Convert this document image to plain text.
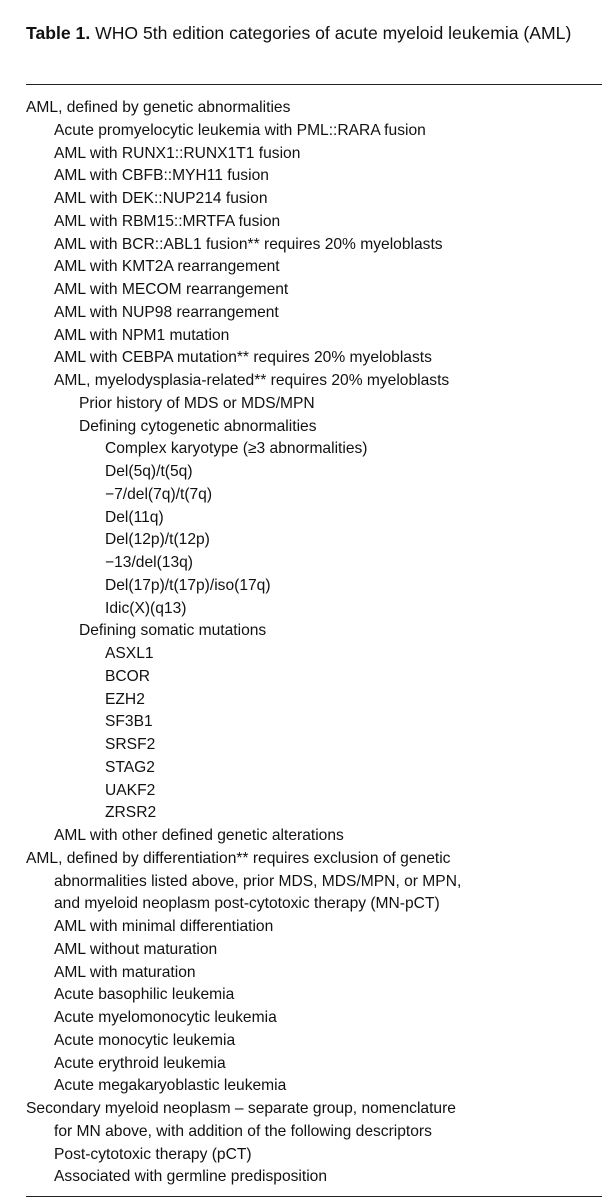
Table 1. WHO 5th edition categories of acute myeloid leukemia (AML)
AML, defined by genetic abnormalities
Acute promyelocytic leukemia with PML::RARA fusion
AML with RUNX1::RUNX1T1 fusion
AML with CBFB::MYH11 fusion
AML with DEK::NUP214 fusion
AML with RBM15::MRTFA fusion
AML with BCR::ABL1 fusion** requires 20% myeloblasts
AML with KMT2A rearrangement
AML with MECOM rearrangement
AML with NUP98 rearrangement
AML with NPM1 mutation
AML with CEBPA mutation** requires 20% myeloblasts
AML, myelodysplasia-related** requires 20% myeloblasts
Prior history of MDS or MDS/MPN
Defining cytogenetic abnormalities
Complex karyotype (≥3 abnormalities)
Del(5q)/t(5q)
−7/del(7q)/t(7q)
Del(11q)
Del(12p)/t(12p)
−13/del(13q)
Del(17p)/t(17p)/iso(17q)
Idic(X)(q13)
Defining somatic mutations
ASXL1
BCOR
EZH2
SF3B1
SRSF2
STAG2
UAKF2
ZRSR2
AML with other defined genetic alterations
AML, defined by differentiation** requires exclusion of genetic
abnormalities listed above, prior MDS, MDS/MPN, or MPN,
and myeloid neoplasm post-cytotoxic therapy (MN-pCT)
AML with minimal differentiation
AML without maturation
AML with maturation
Acute basophilic leukemia
Acute myelomonocytic leukemia
Acute monocytic leukemia
Acute erythroid leukemia
Acute megakaryoblastic leukemia
Secondary myeloid neoplasm – separate group, nomenclature
for MN above, with addition of the following descriptors
Post-cytotoxic therapy (pCT)
Associated with germline predisposition
